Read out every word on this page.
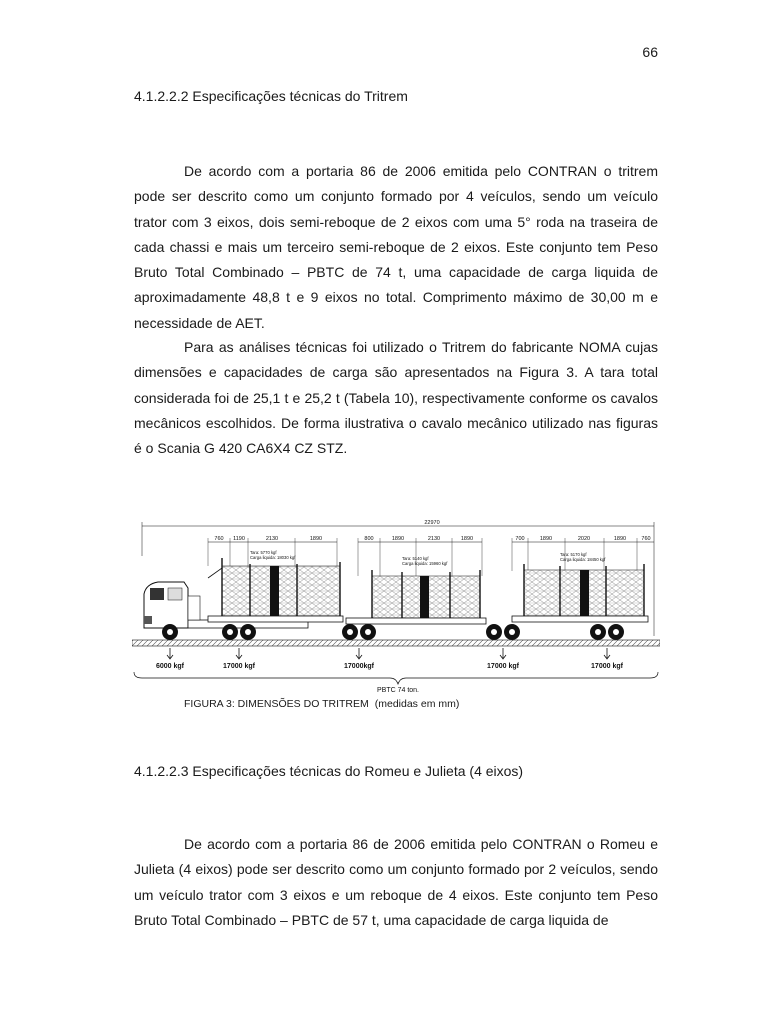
66
4.1.2.2.2 Especificações técnicas do Tritrem

De acordo com a portaria 86 de 2006 emitida pelo CONTRAN o tritrem pode ser descrito como um conjunto formado por 4 veículos, sendo um veículo trator com 3 eixos, dois semi-reboque de 2 eixos com uma 5° roda na traseira de cada chassi e mais um terceiro semi-reboque de 2 eixos. Este conjunto tem Peso Bruto Total Combinado – PBTC de 74 t, uma capacidade de carga liquida de aproximadamente 48,8 t e 9 eixos no total. Comprimento máximo de 30,00 m e necessidade de AET.

Para as análises técnicas foi utilizado o Tritrem do fabricante NOMA cujas dimensões e capacidades de carga são apresentados na Figura 3. A tara total considerada foi de 25,1 t e 25,2 t (Tabela 10), respectivamente conforme os cavalos mecânicos escolhidos. De forma ilustrativa o cavalo mecânico utilizado nas figuras é o Scania G 420 CA6X4 CZ STZ.

22970
760 1190	2130	1890	800	1890	2130	1890	700	1890	2020	1890	760
Tara: 5770 kgf
Carga liquida: 18030 kgf	Tara: 5140 kgf
Carga liquida: 15960 kgf
Tara: 5170 kgf
Carga liquida: 18450 kgf
6000 kgf	17000 kgf	17000kgf	17000 kgf	17000 kgf
PBTC 74 ton.
FIGURA 3: DIMENSÕES DO TRITREM (medidas em mm)
4.1.2.2.3 Especificações técnicas do Romeu e Julieta (4 eixos)

De acordo com a portaria 86 de 2006 emitida pelo CONTRAN o Romeu e Julieta (4 eixos) pode ser descrito como um conjunto formado por 2 veículos, sendo um veículo trator com 3 eixos e um reboque de 4 eixos. Este conjunto tem Peso Bruto Total Combinado – PBTC de 57 t, uma capacidade de carga liquida de
